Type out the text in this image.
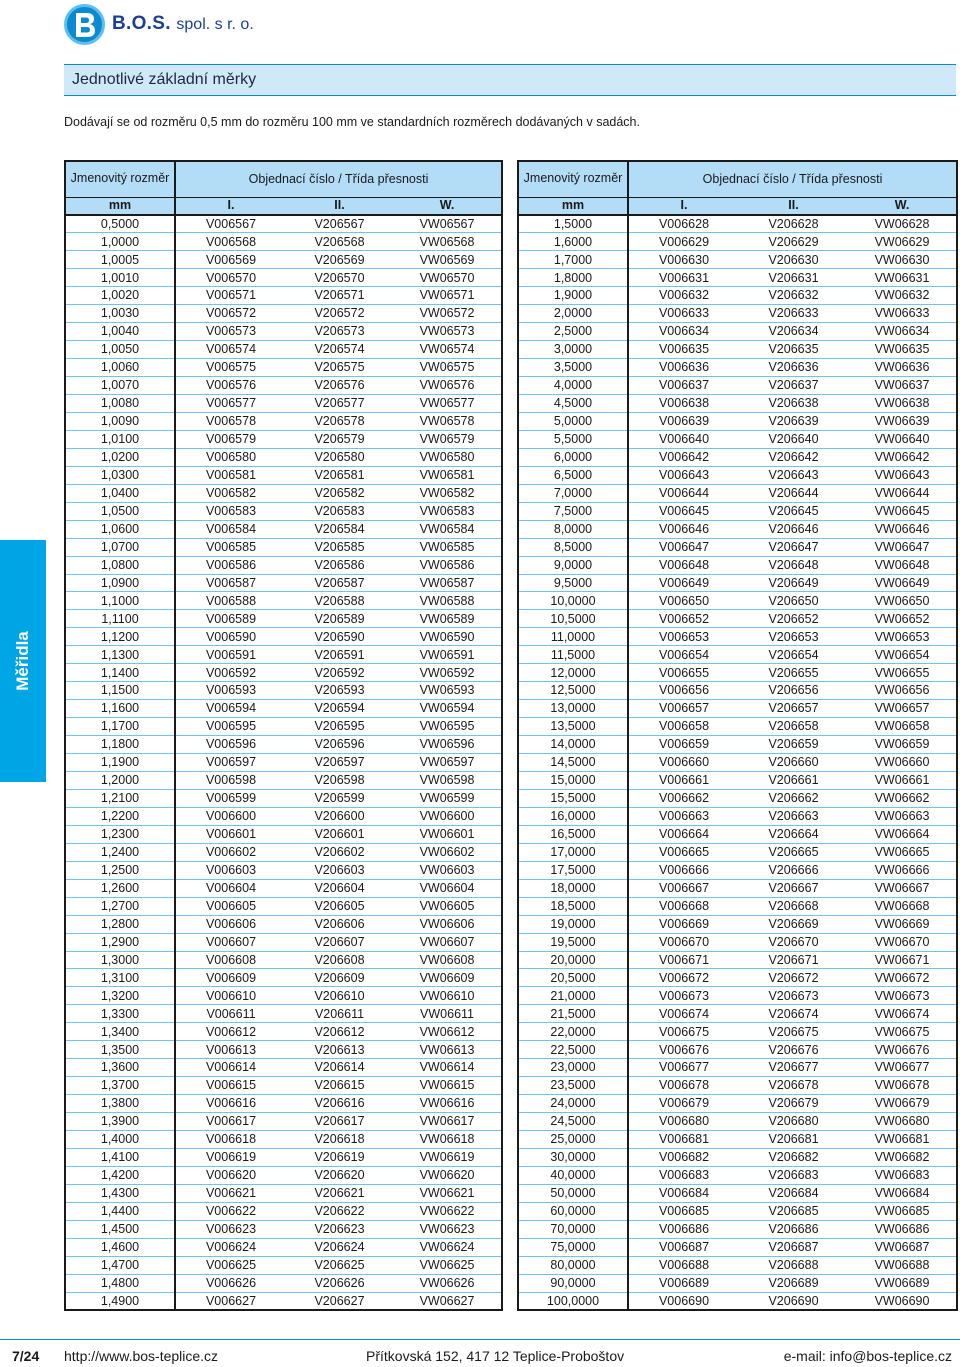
B.O.S. spol. s r. o.
Jednotlivé základní měrky
Dodávají se od rozměru 0,5 mm do rozměru 100 mm ve standardních rozměrech dodávaných v sadách.
Měřidla
Jmenovitý rozměr	Objednací číslo / Třída přesnosti		
mm	I.	II.	W.
0,5000	V006567	V206567	VW06567
1,0000	V006568	V206568	VW06568
1,0005	V006569	V206569	VW06569
1,0010	V006570	V206570	VW06570
1,0020	V006571	V206571	VW06571
1,0030	V006572	V206572	VW06572
1,0040	V006573	V206573	VW06573
1,0050	V006574	V206574	VW06574
1,0060	V006575	V206575	VW06575
1,0070	V006576	V206576	VW06576
1,0080	V006577	V206577	VW06577
1,0090	V006578	V206578	VW06578
1,0100	V006579	V206579	VW06579
1,0200	V006580	V206580	VW06580
1,0300	V006581	V206581	VW06581
1,0400	V006582	V206582	VW06582
1,0500	V006583	V206583	VW06583
1,0600	V006584	V206584	VW06584
1,0700	V006585	V206585	VW06585
1,0800	V006586	V206586	VW06586
1,0900	V006587	V206587	VW06587
1,1000	V006588	V206588	VW06588
1,1100	V006589	V206589	VW06589
1,1200	V006590	V206590	VW06590
1,1300	V006591	V206591	VW06591
1,1400	V006592	V206592	VW06592
1,1500	V006593	V206593	VW06593
1,1600	V006594	V206594	VW06594
1,1700	V006595	V206595	VW06595
1,1800	V006596	V206596	VW06596
1,1900	V006597	V206597	VW06597
1,2000	V006598	V206598	VW06598
1,2100	V006599	V206599	VW06599
1,2200	V006600	V206600	VW06600
1,2300	V006601	V206601	VW06601
1,2400	V006602	V206602	VW06602
1,2500	V006603	V206603	VW06603
1,2600	V006604	V206604	VW06604
1,2700	V006605	V206605	VW06605
1,2800	V006606	V206606	VW06606
1,2900	V006607	V206607	VW06607
1,3000	V006608	V206608	VW06608
1,3100	V006609	V206609	VW06609
1,3200	V006610	V206610	VW06610
1,3300	V006611	V206611	VW06611
1,3400	V006612	V206612	VW06612
1,3500	V006613	V206613	VW06613
1,3600	V006614	V206614	VW06614
1,3700	V006615	V206615	VW06615
1,3800	V006616	V206616	VW06616
1,3900	V006617	V206617	VW06617
1,4000	V006618	V206618	VW06618
1,4100	V006619	V206619	VW06619
1,4200	V006620	V206620	VW06620
1,4300	V006621	V206621	VW06621
1,4400	V006622	V206622	VW06622
1,4500	V006623	V206623	VW06623
1,4600	V006624	V206624	VW06624
1,4700	V006625	V206625	VW06625
1,4800	V006626	V206626	VW06626
1,4900	V006627	V206627	VW06627
Jmenovitý rozměr	Objednací číslo / Třída přesnosti		
mm	I.	II.	W.
1,5000	V006628	V206628	VW06628
1,6000	V006629	V206629	VW06629
1,7000	V006630	V206630	VW06630
1,8000	V006631	V206631	VW06631
1,9000	V006632	V206632	VW06632
2,0000	V006633	V206633	VW06633
2,5000	V006634	V206634	VW06634
3,0000	V006635	V206635	VW06635
3,5000	V006636	V206636	VW06636
4,0000	V006637	V206637	VW06637
4,5000	V006638	V206638	VW06638
5,0000	V006639	V206639	VW06639
5,5000	V006640	V206640	VW06640
6,0000	V006642	V206642	VW06642
6,5000	V006643	V206643	VW06643
7,0000	V006644	V206644	VW06644
7,5000	V006645	V206645	VW06645
8,0000	V006646	V206646	VW06646
8,5000	V006647	V206647	VW06647
9,0000	V006648	V206648	VW06648
9,5000	V006649	V206649	VW06649
10,0000	V006650	V206650	VW06650
10,5000	V006652	V206652	VW06652
11,0000	V006653	V206653	VW06653
11,5000	V006654	V206654	VW06654
12,0000	V006655	V206655	VW06655
12,5000	V006656	V206656	VW06656
13,0000	V006657	V206657	VW06657
13,5000	V006658	V206658	VW06658
14,0000	V006659	V206659	VW06659
14,5000	V006660	V206660	VW06660
15,0000	V006661	V206661	VW06661
15,5000	V006662	V206662	VW06662
16,0000	V006663	V206663	VW06663
16,5000	V006664	V206664	VW06664
17,0000	V006665	V206665	VW06665
17,5000	V006666	V206666	VW06666
18,0000	V006667	V206667	VW06667
18,5000	V006668	V206668	VW06668
19,0000	V006669	V206669	VW06669
19,5000	V006670	V206670	VW06670
20,0000	V006671	V206671	VW06671
20,5000	V006672	V206672	VW06672
21,0000	V006673	V206673	VW06673
21,5000	V006674	V206674	VW06674
22,0000	V006675	V206675	VW06675
22,5000	V006676	V206676	VW06676
23,0000	V006677	V206677	VW06677
23,5000	V006678	V206678	VW06678
24,0000	V006679	V206679	VW06679
24,5000	V006680	V206680	VW06680
25,0000	V006681	V206681	VW06681
30,0000	V006682	V206682	VW06682
40,0000	V006683	V206683	VW06683
50,0000	V006684	V206684	VW06684
60,0000	V006685	V206685	VW06685
70,0000	V006686	V206686	VW06686
75,0000	V006687	V206687	VW06687
80,0000	V006688	V206688	VW06688
90,0000	V006689	V206689	VW06689
100,0000	V006690	V206690	VW06690
7/24 http://www.bos-teplice.cz	Přítkovská 152, 417 12 Teplice-Proboštov	e-mail: info@bos-teplice.cz
